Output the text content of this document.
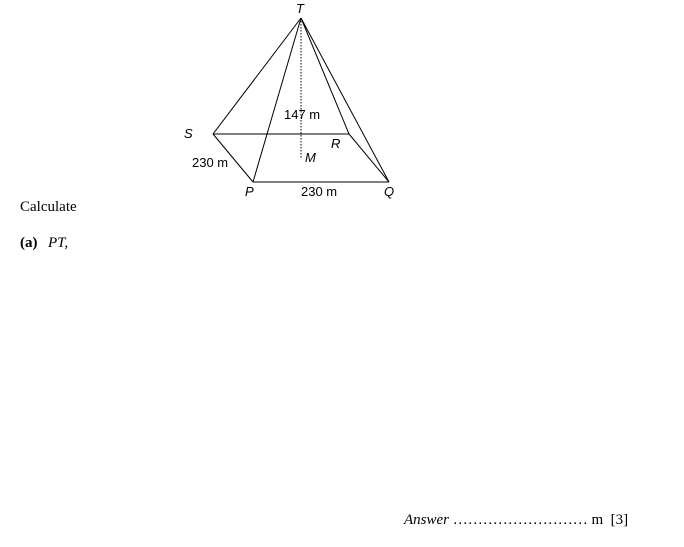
T
S
R
M
P	Q
147 m
230 m
230 m
Calculate
(a) PT,
Answer ……………………… m [3]
